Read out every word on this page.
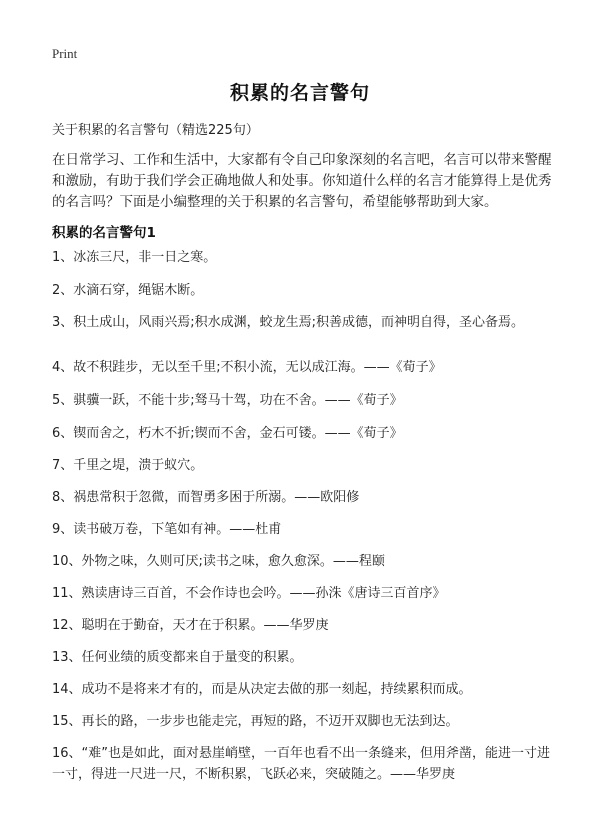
Print
积累的名言警句
关于积累的名言警句（精选225句）
在日常学习、工作和生活中，大家都有令自己印象深刻的名言吧，名言可以带来警醒和激励，有助于我们学会正确地做人和处事。你知道什么样的名言才能算得上是优秀的名言吗？下面是小编整理的关于积累的名言警句，希望能够帮助到大家。
积累的名言警句1
1、冰冻三尺，非一日之寒。
2、水滴石穿，绳锯木断。
3、积土成山，风雨兴焉;积水成渊，蛟龙生焉;积善成德，而神明自得，圣心备焉。
4、故不积跬步，无以至千里;不积小流，无以成江海。——《荀子》
5、骐骥一跃，不能十步;驽马十驾，功在不舍。——《荀子》
6、锲而舍之，朽木不折;锲而不舍，金石可镂。——《荀子》
7、千里之堤，溃于蚁穴。
8、祸患常积于忽微，而智勇多困于所溺。——欧阳修
9、读书破万卷，下笔如有神。——杜甫
10、外物之味，久则可厌;读书之味，愈久愈深。——程颐
11、熟读唐诗三百首，不会作诗也会吟。——孙洙《唐诗三百首序》
12、聪明在于勤奋，天才在于积累。——华罗庚
13、任何业绩的质变都来自于量变的积累。
14、成功不是将来才有的，而是从决定去做的那一刻起，持续累积而成。
15、再长的路，一步步也能走完，再短的路，不迈开双脚也无法到达。
16、“难”也是如此，面对悬崖峭壁，一百年也看不出一条缝来，但用斧凿，能进一寸进一寸，得进一尺进一尺，不断积累，飞跃必来，突破随之。——华罗庚
